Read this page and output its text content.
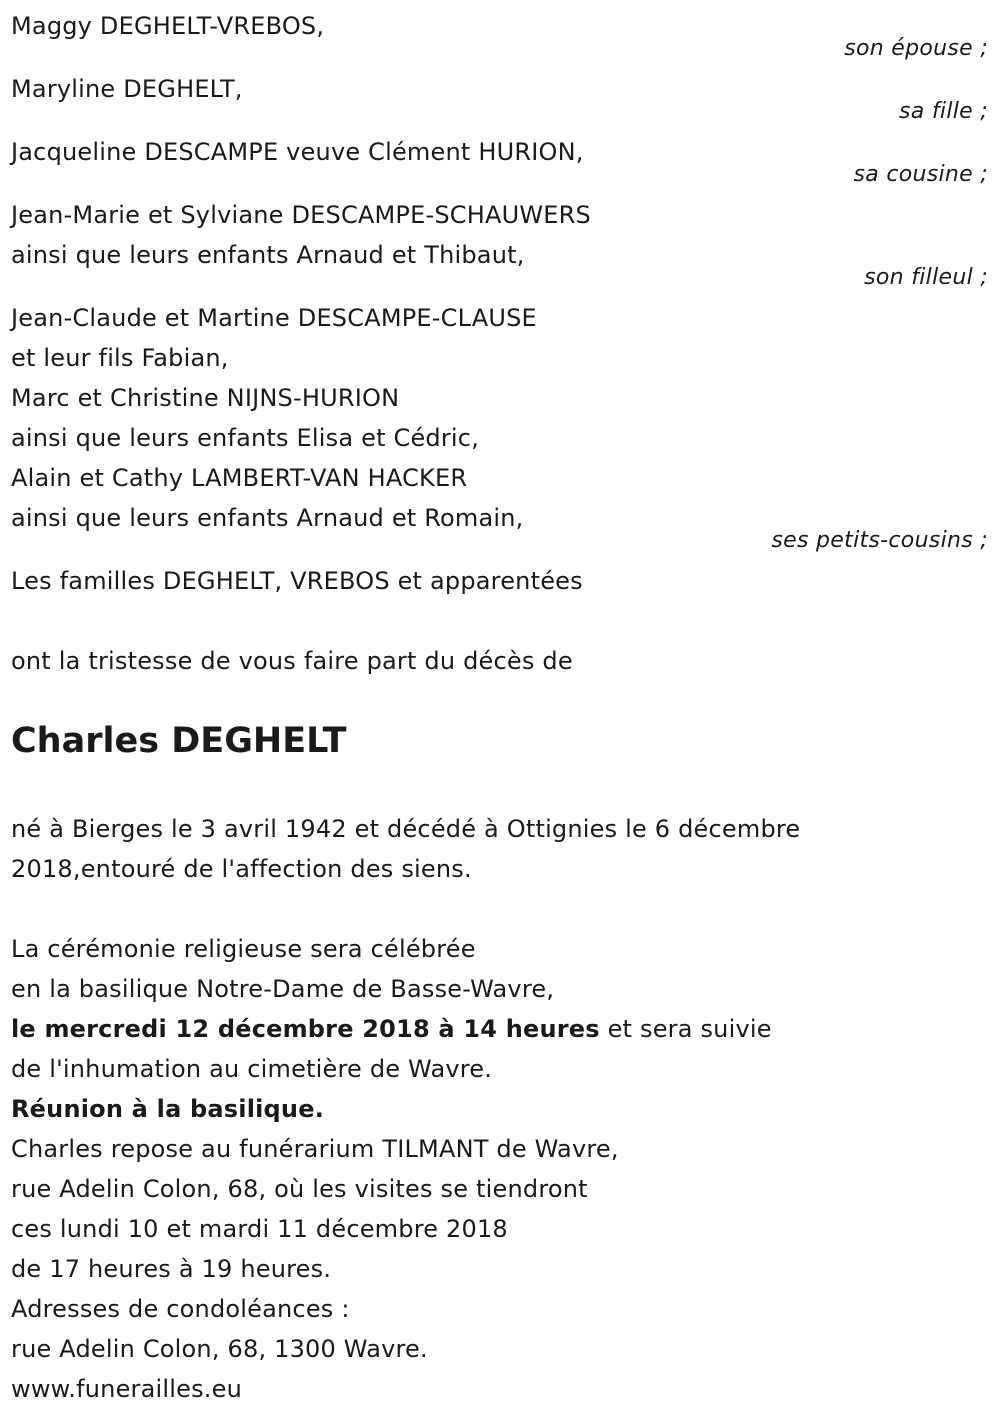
Maggy DEGHELT-VREBOS,
son épouse ;
Maryline DEGHELT,
sa fille ;
Jacqueline DESCAMPE veuve Clément HURION,
sa cousine ;
Jean-Marie et Sylviane DESCAMPE-SCHAUWERS
ainsi que leurs enfants Arnaud et Thibaut,
son filleul ;
Jean-Claude et Martine DESCAMPE-CLAUSE
et leur fils Fabian,
Marc et Christine NIJNS-HURION
ainsi que leurs enfants Elisa et Cédric,
Alain et Cathy LAMBERT-VAN HACKER
ainsi que leurs enfants Arnaud et Romain,
ses petits-cousins ;
Les familles DEGHELT, VREBOS et apparentées
ont la tristesse de vous faire part du décès de
Charles DEGHELT
né à Bierges le 3 avril 1942 et décédé à Ottignies le 6 décembre
2018,entouré de l'affection des siens.
La cérémonie religieuse sera célébrée
en la basilique Notre-Dame de Basse-Wavre,
le mercredi 12 décembre 2018 à 14 heures et sera suivie
de l'inhumation au cimetière de Wavre.
Réunion à la basilique.
Charles repose au funérarium TILMANT de Wavre,
rue Adelin Colon, 68, où les visites se tiendront
ces lundi 10 et mardi 11 décembre 2018
de 17 heures à 19 heures.
Adresses de condoléances :
rue Adelin Colon, 68, 1300 Wavre.
www.funerailles.eu
